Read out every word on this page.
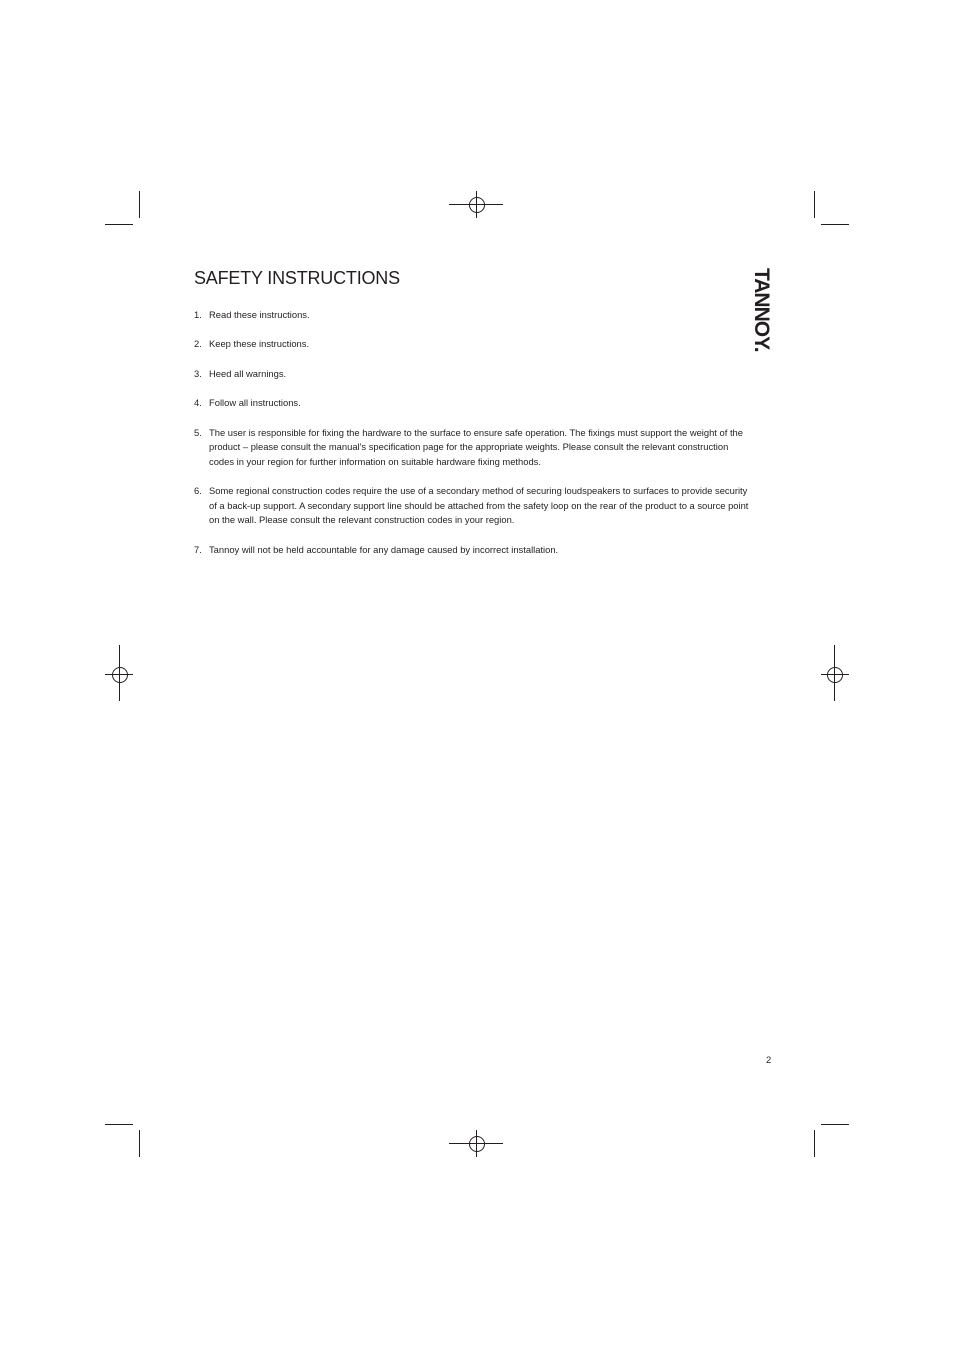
SAFETY INSTRUCTIONS	TANNOY.
1. Read these instructions.
2. Keep these instructions.
3. Heed all warnings.
4. Follow all instructions.
5. The user is responsible for fixing the hardware to the surface to ensure safe operation. The fixings must support the weight of the product – please consult the manual's specification page for the appropriate weights. Please consult the relevant construction codes in your region for further information on suitable hardware fixing methods.
6. Some regional construction codes require the use of a secondary method of securing loudspeakers to surfaces to provide security of a back-up support. A secondary support line should be attached from the safety loop on the rear of the product to a source point on the wall. Please consult the relevant construction codes in your region.
7. Tannoy will not be held accountable for any damage caused by incorrect installation.
2
